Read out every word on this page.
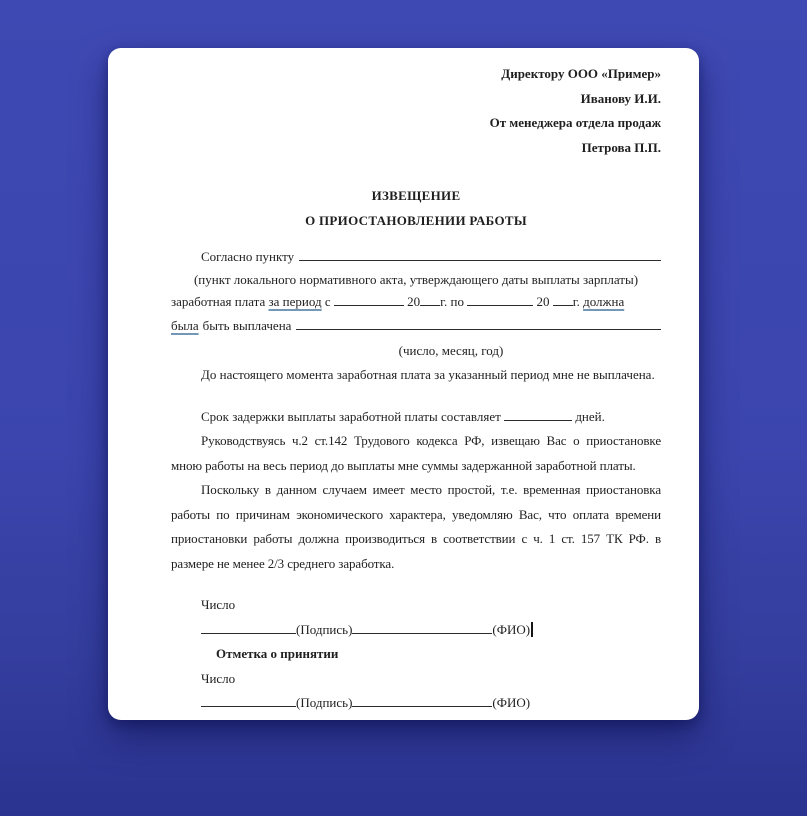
Директору ООО «Пример»
Иванову И.И.
От менеджера отдела продаж
Петрова П.П.
ИЗВЕЩЕНИЕ
О ПРИОСТАНОВЛЕНИИ РАБОТЫ
Согласно пункту
(пункт локального нормативного акта, утверждающего даты выплаты зарплаты)
заработная плата за период с	20 г. по	20 г. должна
была быть выплачена
(число, месяц, год)
До настоящего момента заработная плата за указанный период мне не выплачена.
Срок задержки выплаты заработной платы составляет	дней.

Руководствуясь ч.2 ст.142 Трудового кодекса РФ, извещаю Вас о приостановке мною работы на весь период до выплаты мне суммы задержанной заработной платы.

Поскольку в данном случаем имеет место простой, т.е. временная приостановка работы по причинам экономического характера, уведомляю Вас, что оплата времени приостановки работы должна производиться в соответствии с ч. 1 ст. 157 ТК РФ. в размере не менее 2/3 среднего заработка.

Число
(Подпись)	(ФИО)
Отметка о принятии
Число
(Подпись)	(ФИО)
